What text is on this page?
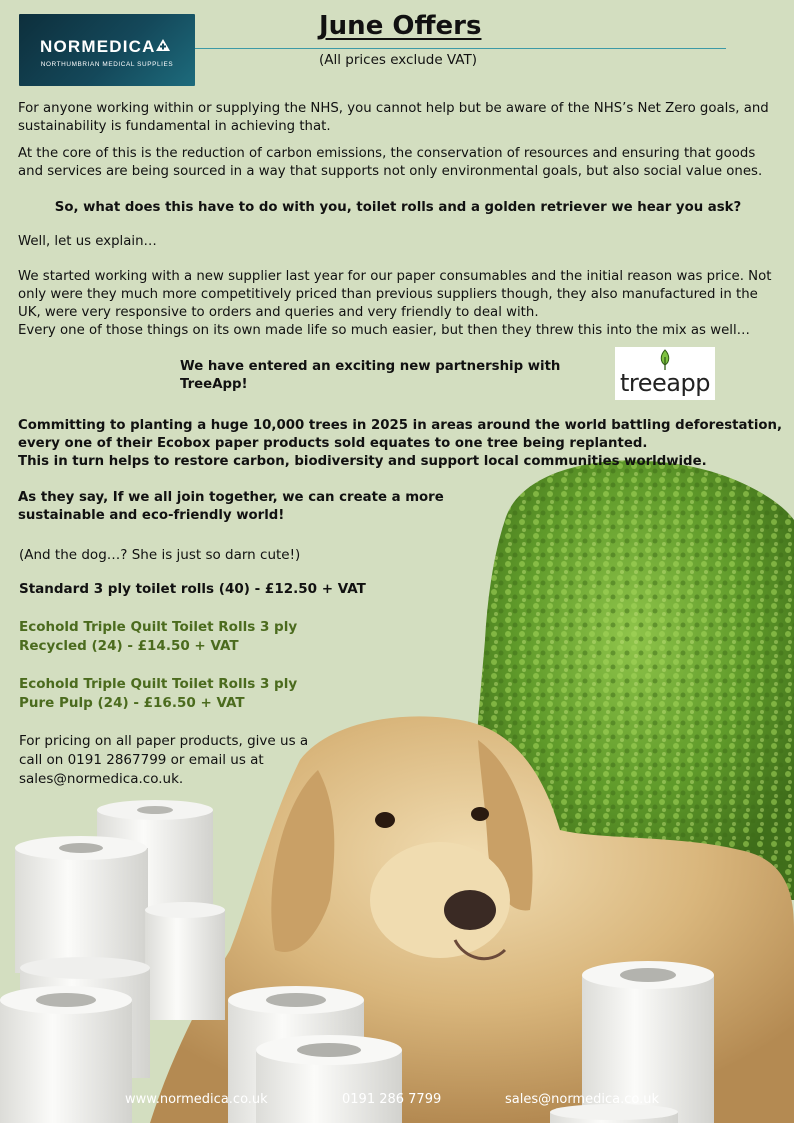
NORMEDICA
NORTHUMBRIAN MEDICAL SUPPLIES
June Offers
(All prices exclude VAT)

For anyone working within or supplying the NHS, you cannot help but be aware of the NHS’s Net Zero goals, and sustainability is fundamental in achieving that.

At the core of this is the reduction of carbon emissions, the conservation of resources and ensuring that goods and services are being sourced in a way that supports not only environmental goals, but also social value ones.

So, what does this have to do with you, toilet rolls and a golden retriever we hear you ask?

Well, let us explain…

We started working with a new supplier last year for our paper consumables and the initial reason was price. Not only were they much more competitively priced than previous suppliers though, they also manufactured in the UK, were very responsive to orders and queries and very friendly to deal with.

Every one of those things on its own made life so much easier, but then they threw this into the mix as well…

We have entered an exciting new partnership with TreeApp!	treeapp

Committing to planting a huge 10,000 trees in 2025 in areas around the world battling deforestation, every one of their Ecobox paper products sold equates to one tree being replanted.

This in turn helps to restore carbon, biodiversity and support local communities worldwide.

As they say, If we all join together, we can create a more sustainable and eco-friendly world!

(And the dog…? She is just so darn cute!)

Standard 3 ply toilet rolls (40) - £12.50 + VAT

Ecohold Triple Quilt Toilet Rolls 3 ply
Recycled (24) - £14.50 + VAT
Ecohold Triple Quilt Toilet Rolls 3 ply
Pure Pulp (24) - £16.50 + VAT
For pricing on all paper products, give us a
call on 0191 2867799 or email us at
sales@normedica.co.uk.
www.normedica.co.uk	0191 286 7799	sales@normedica.co.uk
